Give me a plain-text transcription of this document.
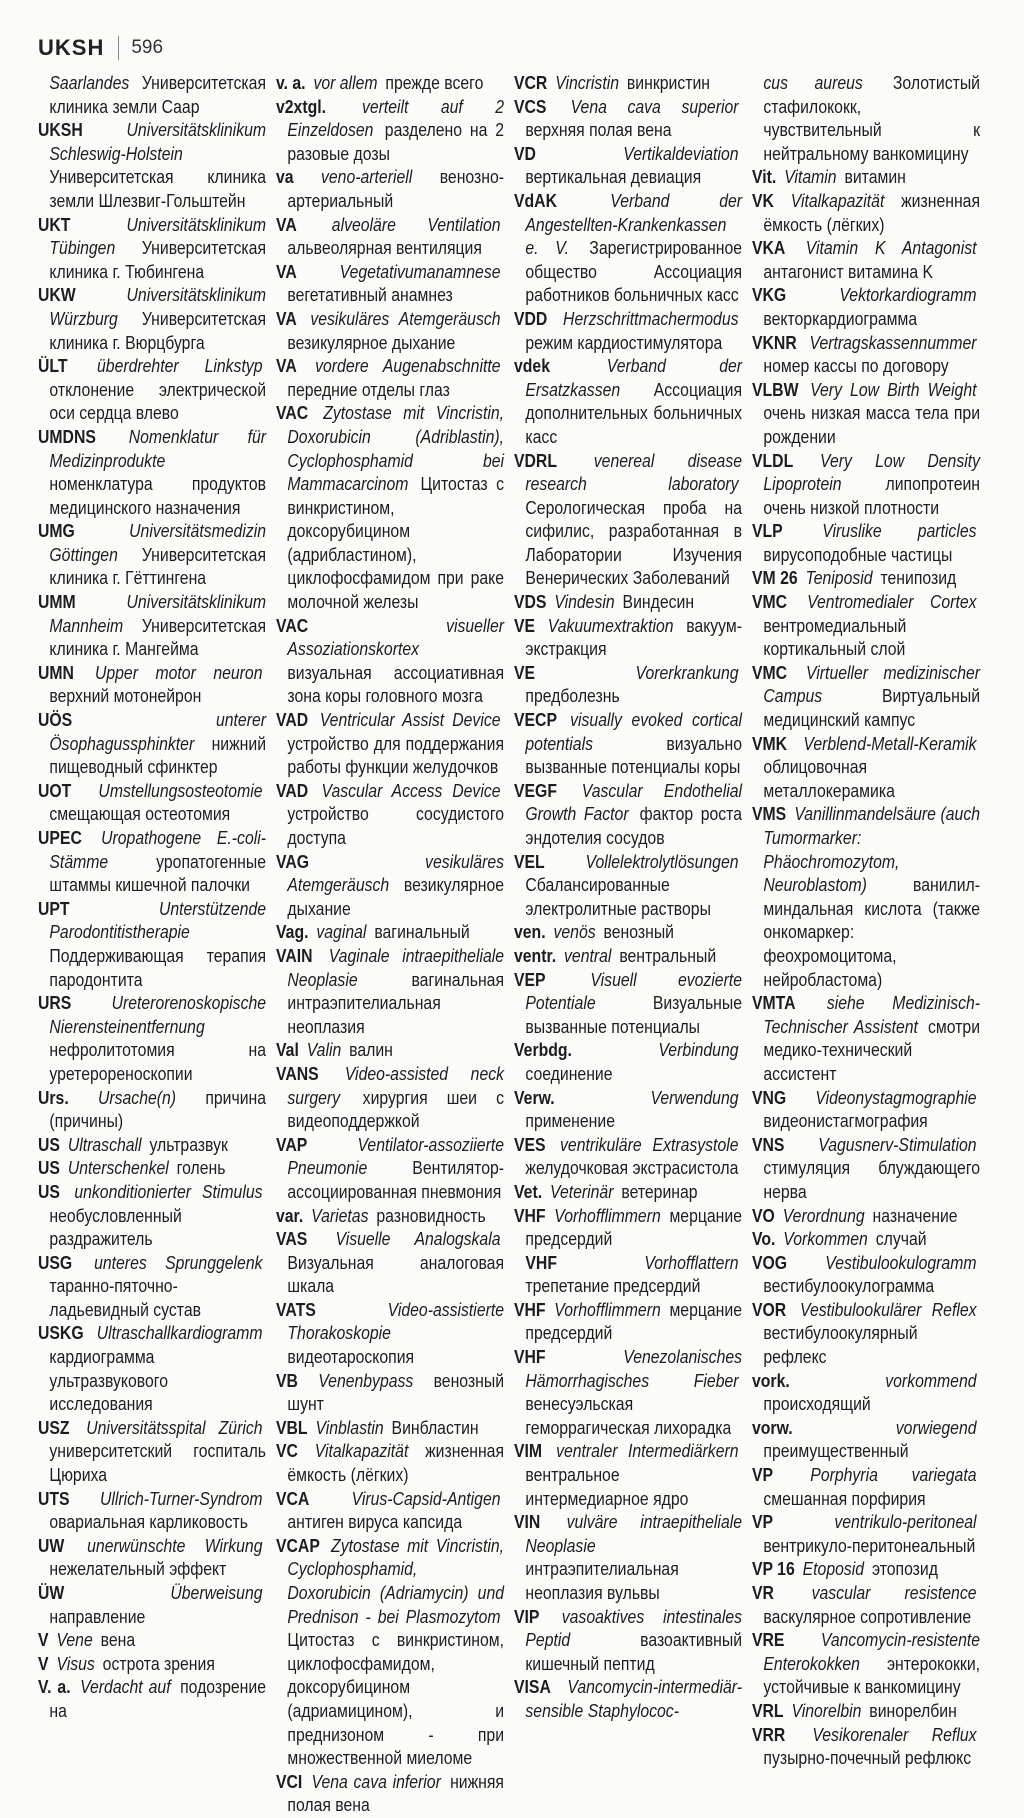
UKSH 596

Saarlandes Университетская клиника земли Саар

UKSH Universitätsklinikum Schleswig-Holstein Университетская клиника земли Шлезвиг-Гольштейн

UKT	Universitätsklinikum Tübingen Университетская клиника г. Тюбингена

UKW	Universitätsklinikum Würzburg Университетская клиника г. Вюрцбурга

ÜLT überdrehter Linkstyp отклонение электрической оси сердца влево

UMDNS Nomenklatur für Medizinprodukte номенклатура продуктов медицинского назначения

UMG	Universitätsmedizin Göttingen Университетская клиника г. Гёттингена

UMM	Universitätsklinikum Mannheim Университетская клиника г. Мангейма

UMN Upper motor neuron верхний мотонейрон

UÖS	unterer Ösophagussphinkter нижний пищеводный сфинктер

UOT Umstellungsosteotomie смещающая остеотомия

UPEC Uropathogene E.-coli-Stämme	уропатогенные штаммы кишечной палочки

UPT	Unterstützende Parodontitistherapie Поддерживающая терапия пародонтита

URS Ureterorenoskopische Nierensteinentfernung нефролитотомия на уретерореноскопии

Urs. Ursache(n) причина (причины)

US Ultraschall ультразвук

US Unterschenkel голень

US unkonditionierter Stimulus необусловленный раздражитель

USG unteres Sprunggelenk таранно-пяточно-ладьевидный сустав

USKG Ultraschallkardiogramm кардиограмма ультразвукового исследования

USZ Universitätsspital Zürich университетский госпиталь Цюриха

UTS Ullrich-Turner-Syndrom овариальная карликовость

UW unerwünschte Wirkung нежелательный эффект

ÜW	Überweisung направление

V Vene вена

V Visus острота зрения

V. a. Verdacht auf подозрение на

v. a. vor allem прежде всего

v2xtgl. verteilt auf 2 Einzeldosen разделено на 2 разовые дозы

va veno-arteriell венозно-артериальный

VA alveoläre Ventilation альвеолярная вентиляция

VA Vegetativumanamnese вегетативный анамнез

VA vesikuläres Atemgeräusch везикулярное дыхание

VA vordere Augenabschnitte передние отделы глаз

VAC Zytostase mit Vincristin, Doxorubicin (Adriblastin), Cyclophosphamid bei Mammacarcinom Цитостаз с винкристином, доксорубицином (адрибластином), циклофосфамидом при раке молочной железы

VAC	visueller Assoziationskortex визуальная ассоциативная зона коры головного мозга

VAD Ventricular Assist Device устройство для поддержания работы функции желудочков

VAD Vascular Access Device устройство сосудистого доступа

VAG	vesikuläres Atemgeräusch везикулярное дыхание

Vag. vaginal вагинальный

VAIN Vaginale intraepitheliale Neoplasie	вагинальная интраэпителиальная неоплазия

Val Valin валин

VANS Video-assisted neck surgery хирургия шеи с видеоподдержкой

VAP	Ventilator-assoziierte Pneumonie	Вентилятор-ассоциированная пневмония

var. Varietas разновидность

VAS Visuelle Analogskala Визуальная аналоговая шкала

VATS	Video-assistierte Thorakoskopie видеотароскопия

VB Venenbypass венозный шунт

VBL Vinblastin Винбластин

VC Vitalkapazität жизненная ёмкость (лёгких)

VCA Virus-Capsid-Antigen антиген вируса капсида

VCAP Zytostase mit Vincristin, Cyclophosphamid, Doxorubicin (Adriamycin) und Prednison - bei Plasmozytom Цитостаз с винкристином, циклофосфамидом, доксорубицином (адриамицином), и преднизоном - при множественной миеломе

VCI Vena cava inferior нижняя полая вена

VCR Vincristin винкристин

VCS Vena cava superior верхняя полая вена

VD	Vertikaldeviation вертикальная девиация

VdAK	Verband der Angestellten-Krankenkassen e. V. Зарегистрированное общество Ассоциация работников больничных касс

VDD Herzschrittmachermodus режим кардиостимулятора

vdek	Verband der Ersatzkassen Ассоциация дополнительных больничных касс

VDRL venereal disease research laboratory Серологическая проба на сифилис, разработанная в Лаборатории Изучения Венерических Заболеваний

VDS Vindesin Виндесин

VE Vakuumextraktion вакуум-экстракция

VE	Vorerkrankung предболезнь

VECP visually evoked cortical potentials	визуально вызванные потенциалы коры

VEGF Vascular Endothelial Growth Factor фактор роста эндотелия сосудов

VEL Vollelektrolytlösungen Сбалансированные электролитные растворы

ven. venös венозный

ventr. ventral вентральный

VEP Visuell evozierte Potentiale	Визуальные вызванные потенциалы

Verbdg.	Verbindung соединение

Verw.	Verwendung применение

VES ventrikuläre Extrasystole желудочковая экстрасистола

Vet. Veterinär ветеринар

VHF Vorhofflimmern мерцание предсердий

VHF	Vorhofflattern трепетание предсердий

VHF Vorhofflimmern мерцание предсердий

VHF	Venezolanisches Hämorrhagisches Fieber венесуэльская геморрагическая лихорадка

VIM ventraler Intermediärkern вентральное интермедиарное ядро

VIN vulväre intraepitheliale Neoplasie интраэпителиальная неоплазия вульвы

VIP vasoaktives intestinales Peptid	вазоактивный кишечный пептид

VISA Vancomycin-intermediär-sensible Staphylococ-

cus aureus Золотистый стафилококк, чувствительный к нейтральному ванкомицину

Vit. Vitamin витамин

VK Vitalkapazität жизненная ёмкость (лёгких)

VKA Vitamin K Antagonist антагонист витамина K

VKG	Vektorkardiogramm векторкардиограмма

VKNR Vertragskassennummer номер кассы по договору

VLBW Very Low Birth Weight очень низкая масса тела при рождении

VLDL Very Low Density Lipoprotein липопротеин очень низкой плотности

VLP Viruslike particles вирусоподобные частицы

VM 26 Teniposid тенипозид

VMC Ventromedialer Cortex вентромедиальный кортикальный слой

VMC Virtueller medizinischer Campus	Виртуальный медицинский кампус

VMK Verblend-Metall-Keramik облицовочная металлокерамика

VMS Vanillinmandelsäure (auch Tumormarker: Phäochromozytom, Neuroblastom)	ванилил-миндальная кислота (также онкомаркер: феохромоцитома, нейробластома)

VMTA siehe Medizinisch-Technischer Assistent смотри медико-технический ассистент

VNG Videonystagmographie видеонистагмография

VNS Vagusnerv-Stimulation стимуляция блуждающего нерва

VO Verordnung назначение

Vo. Vorkommen случай

VOG Vestibulookulogramm вестибулоокулограмма

VOR Vestibulookulärer Reflex вестибулоокулярный рефлекс

vork.	vorkommend происходящий

vorw.	vorwiegend преимущественный

VP Porphyria variegata смешанная порфирия

VP	ventrikulo-peritoneal вентрикуло-перитонеальный

VP 16 Etoposid этопозид

VR vascular resistence васкулярное сопротивление

VRE Vancomycin-resistente Enterokokken энтерококки, устойчивые к ванкомицину

VRL Vinorelbin винорелбин

VRR Vesikorenaler Reflux пузырно-почечный рефлюкс
